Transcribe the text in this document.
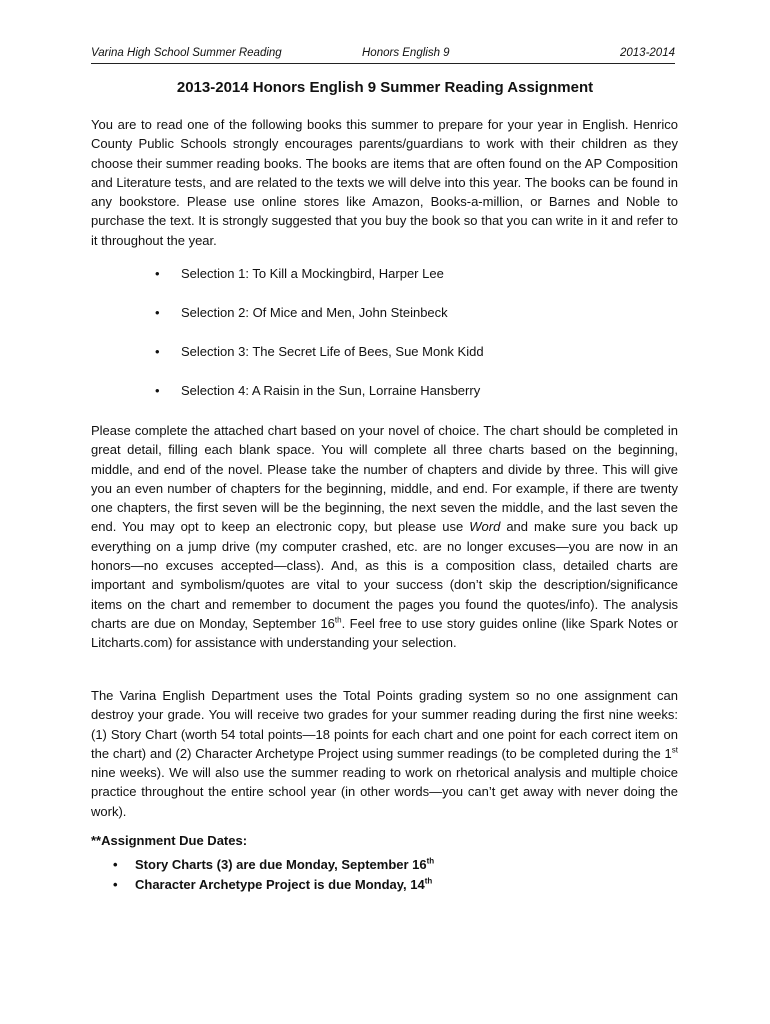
Varina High School Summer Reading	Honors English 9	2013-2014
2013-2014 Honors English 9 Summer Reading Assignment

You are to read one of the following books this summer to prepare for your year in English. Henrico County Public Schools strongly encourages parents/guardians to work with their children as they choose their summer reading books. The books are items that are often found on the AP Composition and Literature tests, and are related to the texts we will delve into this year. The books can be found in any bookstore. Please use online stores like Amazon, Books-a-million, or Barnes and Noble to purchase the text. It is strongly suggested that you buy the book so that you can write in it and refer to it throughout the year.

• Selection 1: To Kill a Mockingbird, Harper Lee
• Selection 2: Of Mice and Men, John Steinbeck
• Selection 3: The Secret Life of Bees, Sue Monk Kidd
• Selection 4: A Raisin in the Sun, Lorraine Hansberry

Please complete the attached chart based on your novel of choice. The chart should be completed in great detail, filling each blank space. You will complete all three charts based on the beginning, middle, and end of the novel. Please take the number of chapters and divide by three. This will give you an even number of chapters for the beginning, middle, and end. For example, if there are twenty one chapters, the first seven will be the beginning, the next seven the middle, and the last seven the end. You may opt to keep an electronic copy, but please use Word and make sure you back up everything on a jump drive (my computer crashed, etc. are no longer excuses—you are now in an honors—no excuses accepted—class). And, as this is a composition class, detailed charts are important and symbolism/quotes are vital to your success (don’t skip the description/significance items on the chart and remember to document the pages you found the quotes/info). The analysis charts are due on Monday, September 16th. Feel free to use story guides online (like Spark Notes or Litcharts.com) for assistance with understanding your selection.

The Varina English Department uses the Total Points grading system so no one assignment can destroy your grade. You will receive two grades for your summer reading during the first nine weeks: (1) Story Chart (worth 54 total points—18 points for each chart and one point for each correct item on the chart) and (2) Character Archetype Project using summer readings (to be completed during the 1st nine weeks). We will also use the summer reading to work on rhetorical analysis and multiple choice practice throughout the entire school year (in other words—you can’t get away with never doing the work).

**Assignment Due Dates:
• Story Charts (3) are due Monday, September 16th
• Character Archetype Project is due Monday, 14th
